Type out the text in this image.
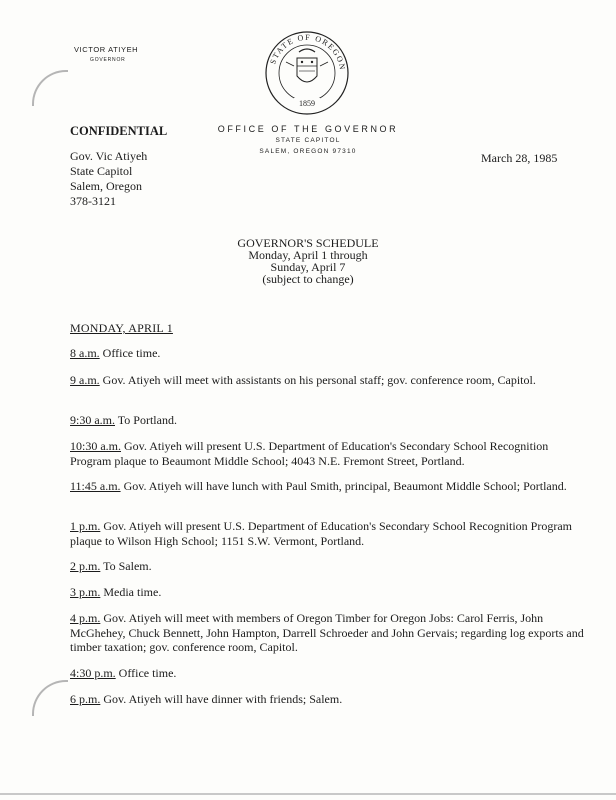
VICTOR ATIYEH
GOVERNOR	STATE OF OREGON
1859
CONFIDENTIAL	OFFICE OF THE GOVERNOR
STATE CAPITOL
SALEM, OREGON 97310
Gov. Vic Atiyeh
State Capitol
Salem, Oregon
378-3121
March 28, 1985
GOVERNOR'S SCHEDULE
Monday, April 1 through
Sunday, April 7
(subject to change)
MONDAY, APRIL 1
8 a.m. Office time.
9 a.m. Gov. Atiyeh will meet with assistants on his personal staff; gov. conference room, Capitol.
9:30 a.m. To Portland.
10:30 a.m. Gov. Atiyeh will present U.S. Department of Education's Secondary School Recognition Program plaque to Beaumont Middle School; 4043 N.E. Fremont Street, Portland.
11:45 a.m. Gov. Atiyeh will have lunch with Paul Smith, principal, Beaumont Middle School; Portland.
1 p.m. Gov. Atiyeh will present U.S. Department of Education's Secondary School Recognition Program plaque to Wilson High School; 1151 S.W. Vermont, Portland.
2 p.m. To Salem.
3 p.m. Media time.
4 p.m. Gov. Atiyeh will meet with members of Oregon Timber for Oregon Jobs: Carol Ferris, John McGhehey, Chuck Bennett, John Hampton, Darrell Schroeder and John Gervais; regarding log exports and timber taxation; gov. conference room, Capitol.
4:30 p.m. Office time.
6 p.m. Gov. Atiyeh will have dinner with friends; Salem.
